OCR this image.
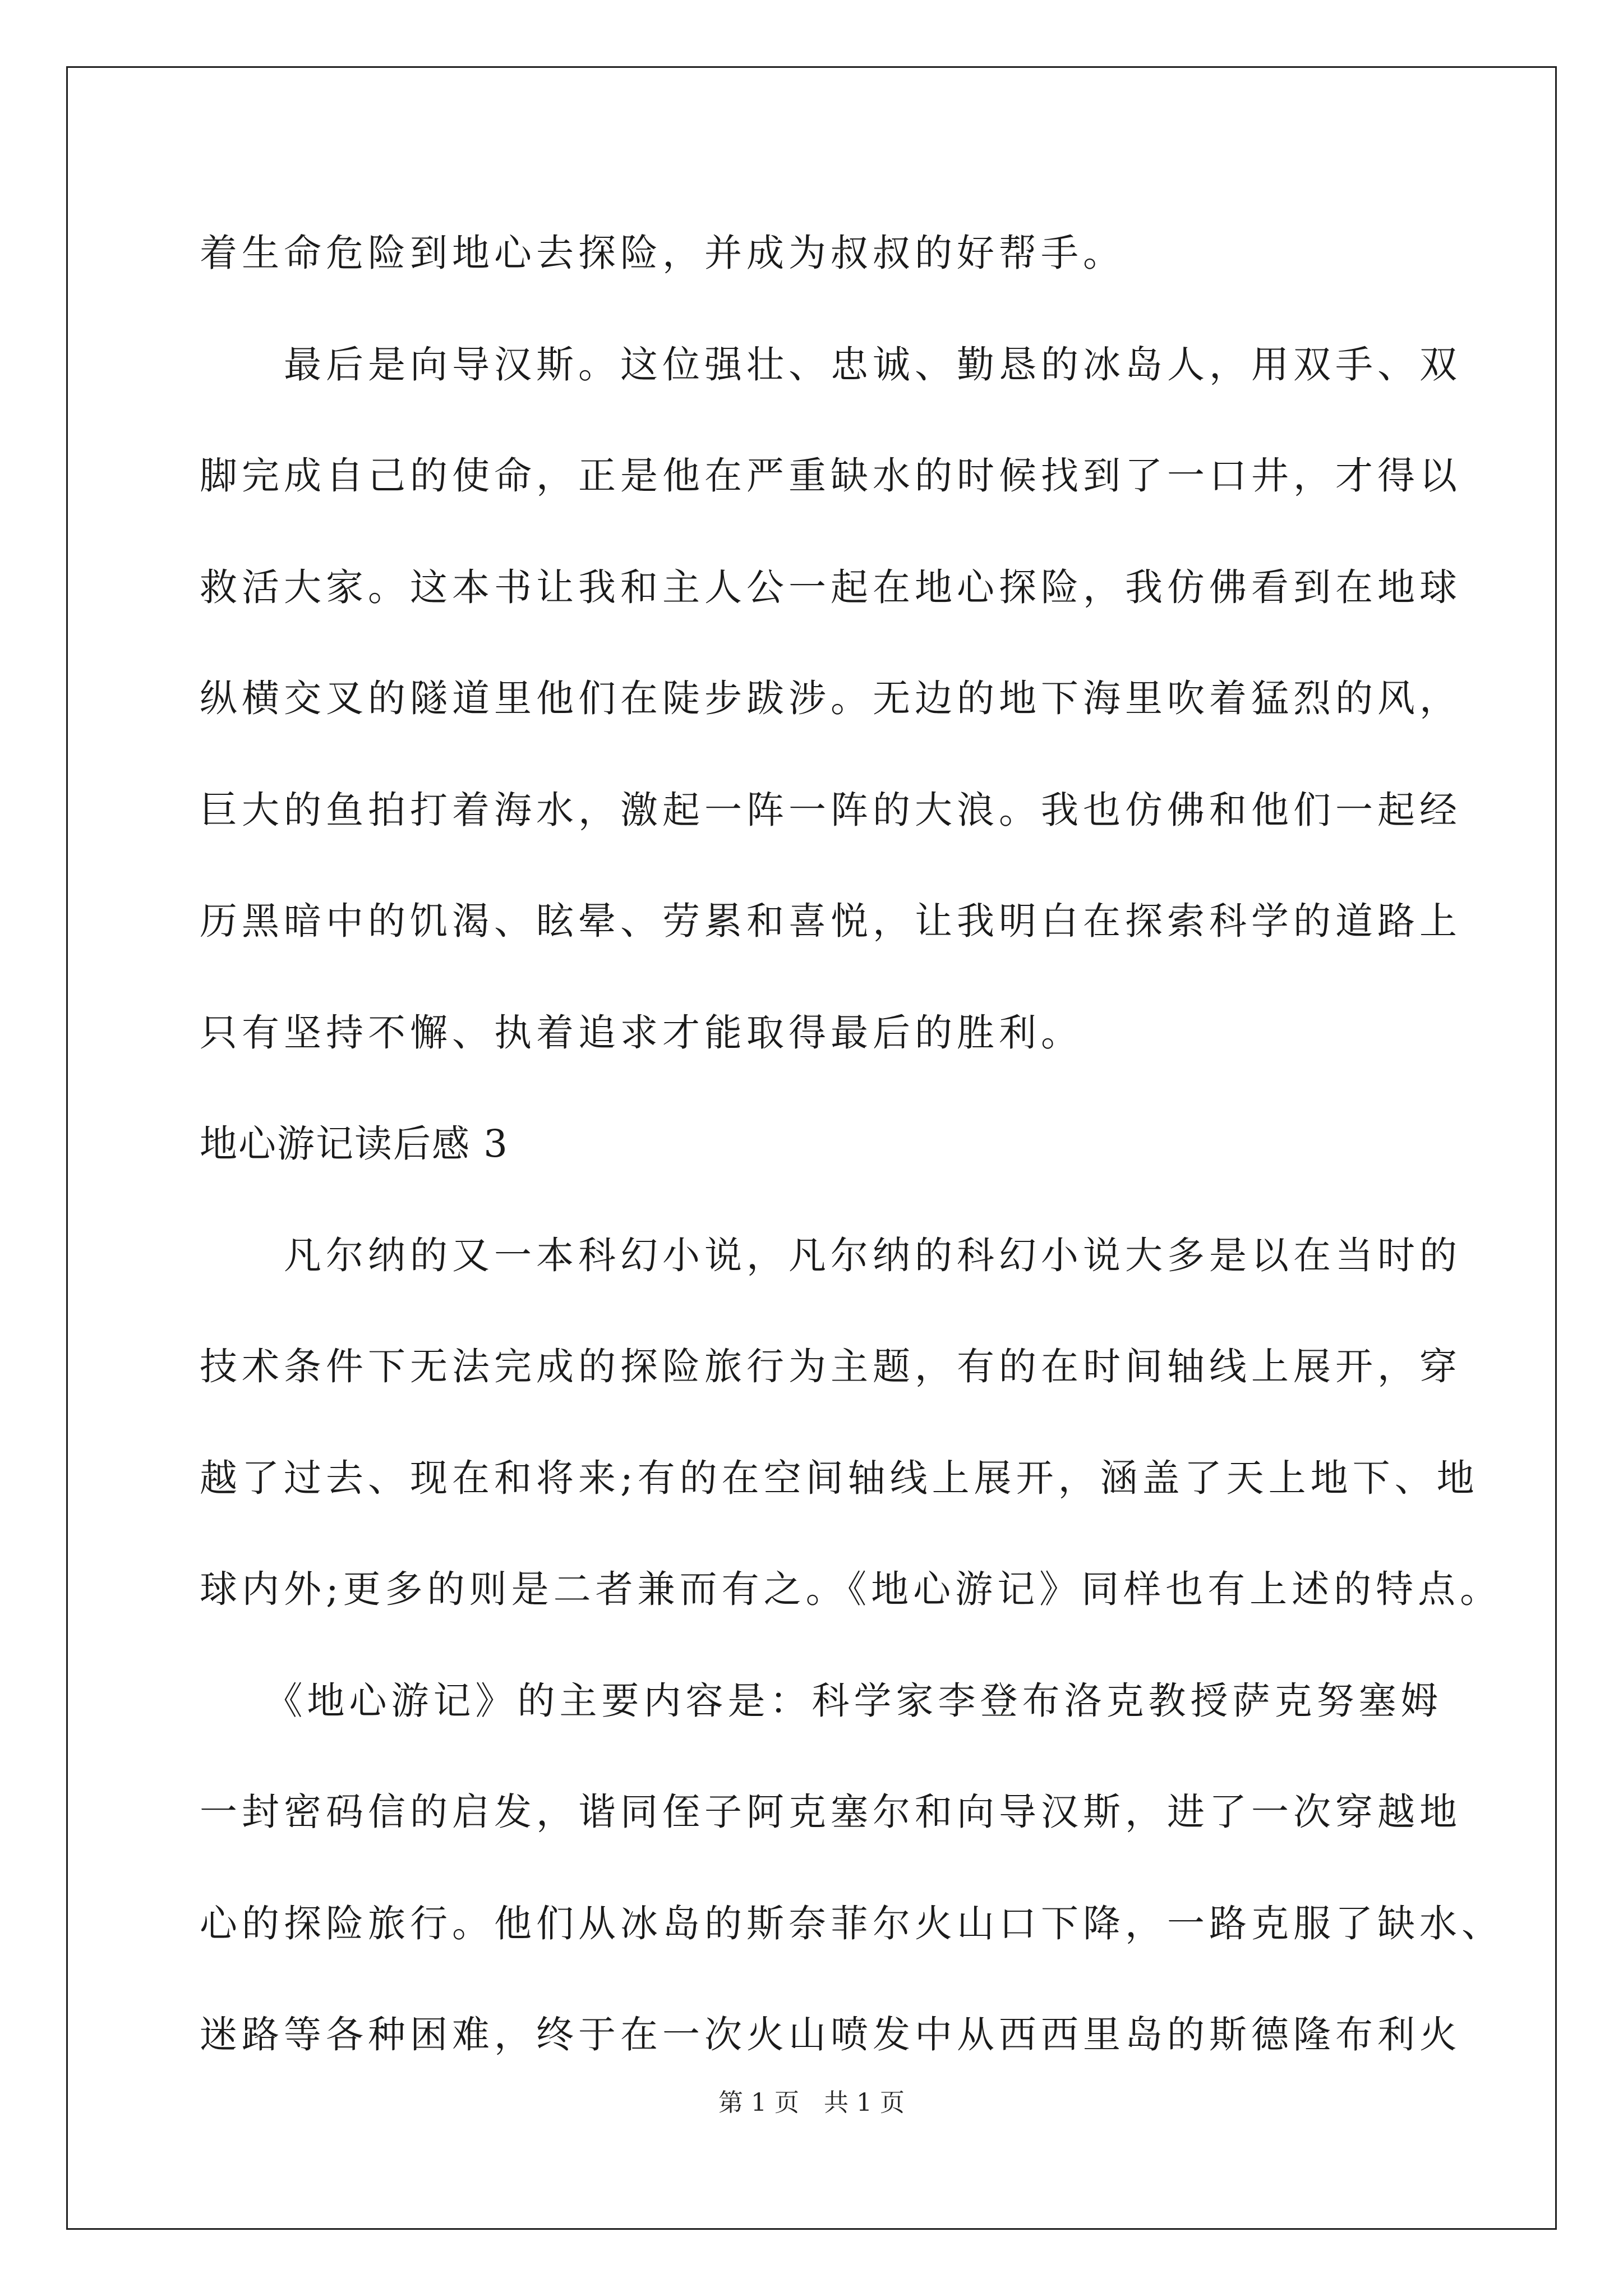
着生命危险到地心去探险，并成为叔叔的好帮手。

　　最后是向导汉斯。这位强壮、忠诚、勤恳的冰岛人，用双手、双

脚完成自己的使命，正是他在严重缺水的时候找到了一口井，才得以

救活大家。这本书让我和主人公一起在地心探险，我仿佛看到在地球

纵横交叉的隧道里他们在陡步跋涉。无边的地下海里吹着猛烈的风，

巨大的鱼拍打着海水，激起一阵一阵的大浪。我也仿佛和他们一起经

历黑暗中的饥渴、眩晕、劳累和喜悦，让我明白在探索科学的道路上

只有坚持不懈、执着追求才能取得最后的胜利。

地心游记读后感 3

　　凡尔纳的又一本科幻小说，凡尔纳的科幻小说大多是以在当时的

技术条件下无法完成的探险旅行为主题，有的在时间轴线上展开，穿

越了过去、现在和将来;有的在空间轴线上展开，涵盖了天上地下、地

球内外;更多的则是二者兼而有之。《地心游记》同样也有上述的特点。

　　《地心游记》的主要内容是：科学家李登布洛克教授萨克努塞姆

一封密码信的启发，谐同侄子阿克塞尔和向导汉斯，进了一次穿越地

心的探险旅行。他们从冰岛的斯奈菲尔火山口下降，一路克服了缺水、

迷路等各种困难，终于在一次火山喷发中从西西里岛的斯德隆布利火

第 1 页　共 1 页
